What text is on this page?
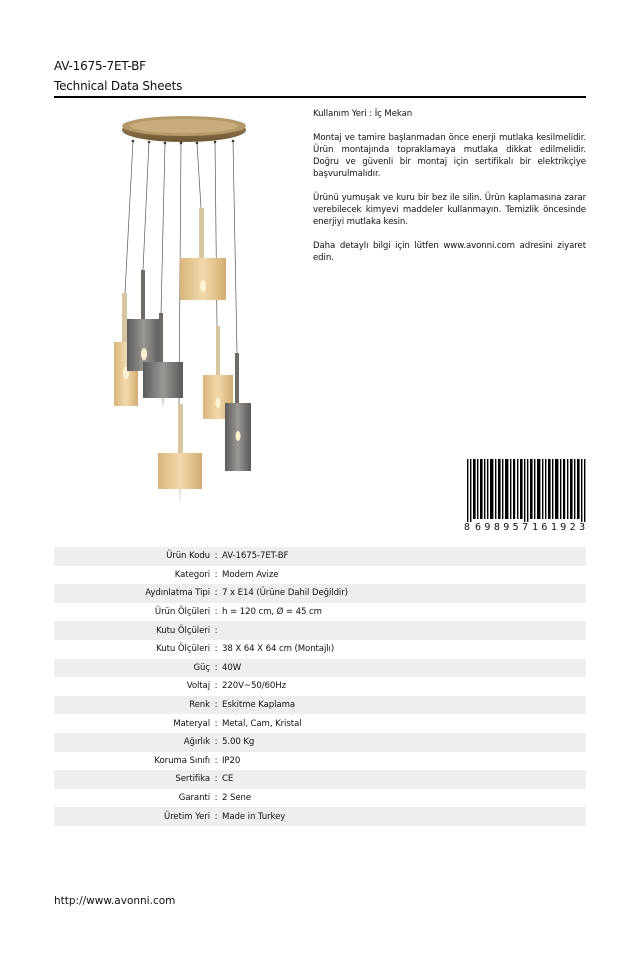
AV-1675-7ET-BF
Technical Data Sheets

Kullanım Yeri : İç Mekan

Montaj ve tamire başlanmadan önce enerji mutlaka kesilmelidir. Ürün montajında topraklamaya mutlaka dikkat edilmelidir. Doğru ve güvenli bir montaj için sertifikalı bir elektrikçiye başvurulmalıdır.

Ürünü yumuşak ve kuru bir bez ile silin. Ürün kaplamasına zarar verebilecek kimyevi maddeler kullanmayın. Temizlik öncesinde enerjiyi mutlaka kesin.

Daha detaylı bilgi için lütfen www.avonni.com adresini ziyaret edin.

8 698957 161923
Ürün Kodu : AV-1675-7ET-BF
Kategori : Modern Avize
Aydınlatma Tipi : 7 x E14 (Ürüne Dahil Değildir)
Ürün Ölçüleri : h = 120 cm, Ø = 45 cm
Kutu Ölçüleri :
Kutu Ölçüleri : 38 X 64 X 64 cm (Montajlı)
Güç : 40W
Voltaj : 220V~50/60Hz
Renk : Eskitme Kaplama
Materyal : Metal, Cam, Kristal
Ağırlık : 5.00 Kg
Koruma Sınıfı : IP20
Sertifika : CE
Garanti : 2 Sene
Üretim Yeri : Made in Turkey
http://www.avonni.com
